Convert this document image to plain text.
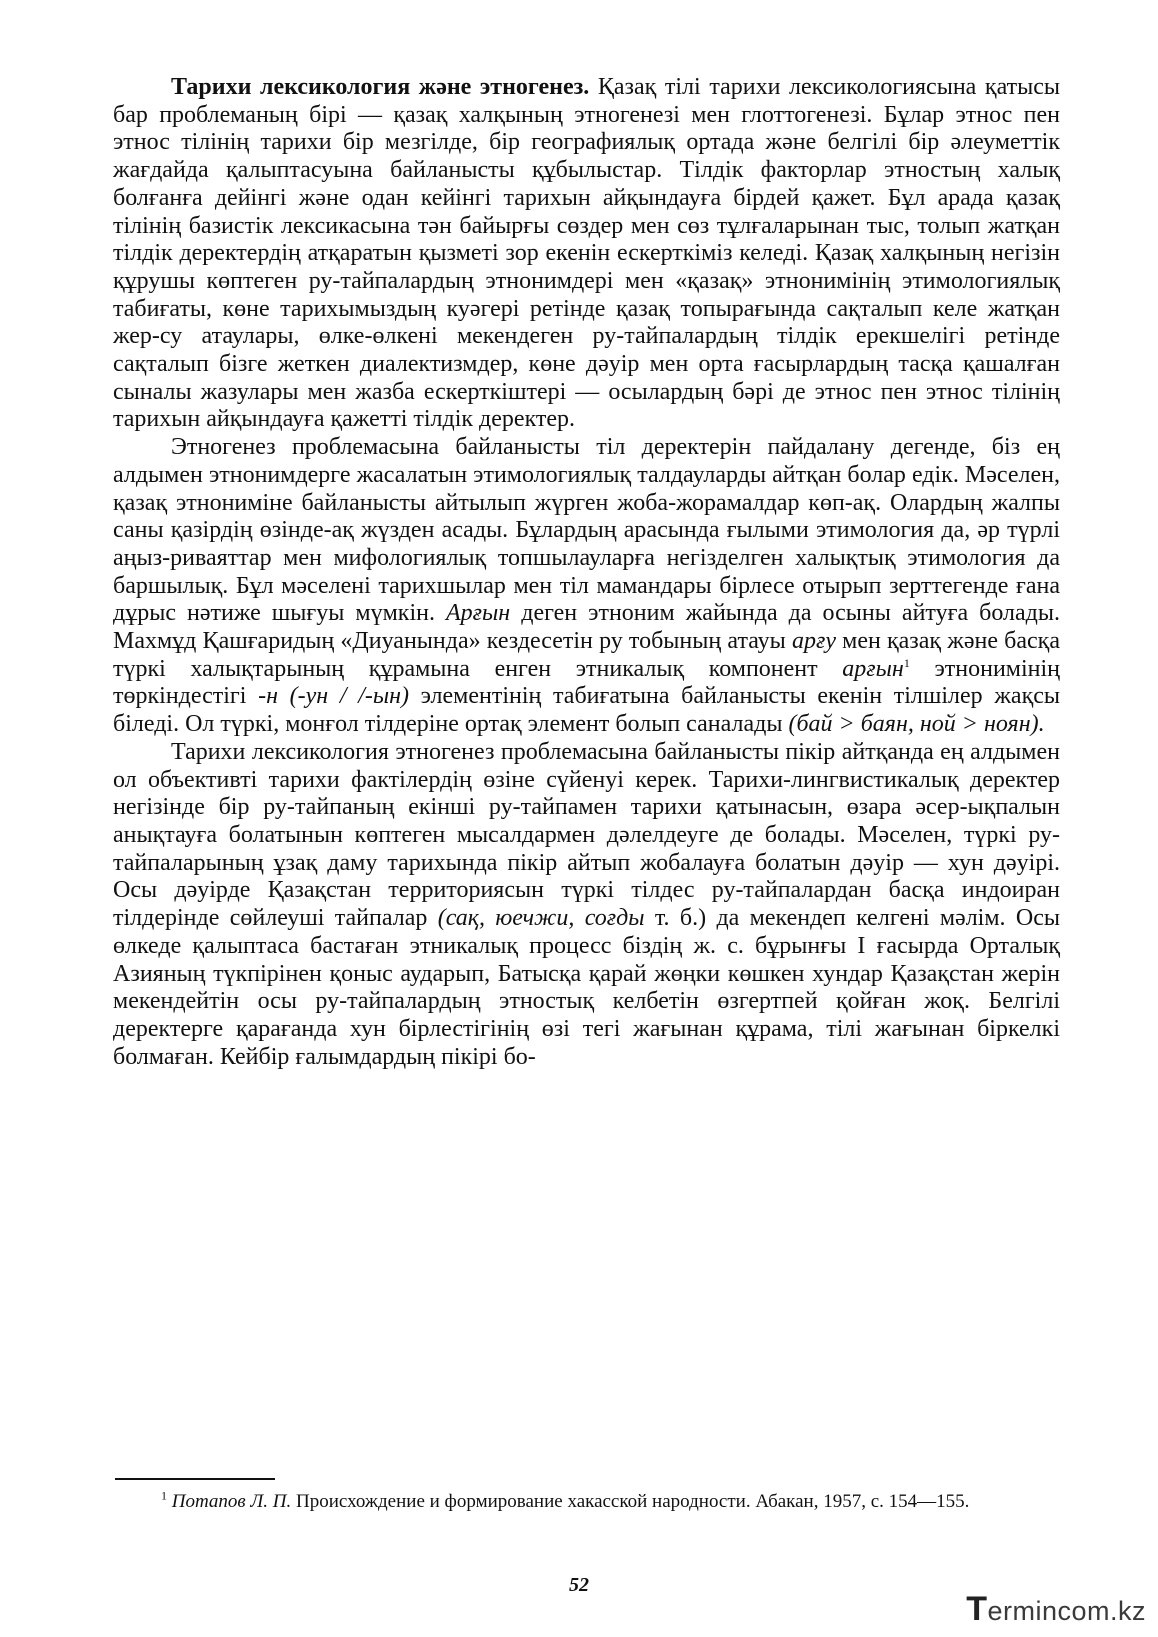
Тарихи лексикология және этногенез. Қазақ тілі тарихи лексикологиясына қатысы бар проблеманың бірі — қазақ халқының этногенезі мен глоттогенезі. Бұлар этнос пен этнос тілінің тарихи бір мезгілде, бір географиялық ортада және белгілі бір әлеуметтік жағдайда қалыптасуына байланысты құбылыстар. Тілдік факторлар этностың халық болғанға дейінгі және одан кейінгі тарихын айқындауға бірдей қажет. Бұл арада қазақ тілінің базистік лексикасына тән байырғы сөздер мен сөз тұлғаларынан тыс, толып жатқан тілдік деректердің атқаратын қызметі зор екенін ескерткіміз келеді. Қазақ халқының негізін құрушы көптеген ру-тайпалардың этнонимдері мен «қазақ» этнонимінің этимологиялық табиғаты, көне тарихымыздың куәгері ретінде қазақ топырағында сақталып келе жатқан жер-су атаулары, өлке-өлкені мекендеген ру-тайпалардың тілдік ерекшелігі ретінде сақталып бізге жеткен диалектизмдер, көне дәуір мен орта ғасырлардың тасқа қашалған сыналы жазулары мен жазба ескерткіштері — осылардың бәрі де этнос пен этнос тілінің тарихын айқындауға қажетті тілдік деректер.

Этногенез проблемасына байланысты тіл деректерін пайдалану дегенде, біз ең алдымен этнонимдерге жасалатын этимологиялық талдауларды айтқан болар едік. Мәселен, қазақ этнониміне байланысты айтылып жүрген жоба-жорамалдар көп-ақ. Олардың жалпы саны қазірдің өзінде-ақ жүзден асады. Бұлардың арасында ғылыми этимология да, әр түрлі аңыз-риваяттар мен мифологиялық топшылауларға негізделген халықтық этимология да баршылық. Бұл мәселені тарихшылар мен тіл мамандары бірлесе отырып зерттегенде ғана дұрыс нәтиже шығуы мүмкін. Арғын деген этноним жайында да осыны айтуға болады. Махмұд Қашғаридың «Диуанында» кездесетін ру тобының атауы арғу мен қазақ және басқа түркі халықтарының құрамына енген этникалық компонент арғын$^1$ этнонимінің төркіндестігі -н (-ун / /-ын) элементінің табиғатына байланысты екенін тілшілер жақсы біледі. Ол түркі, монғол тілдеріне ортақ элемент болып саналады (бай > баян, ной > ноян).

Тарихи лексикология этногенез проблемасына байланысты пікір айтқанда ең алдымен ол объективті тарихи фактілердің өзіне сүйенуі керек. Тарихи-лингвистикалық деректер негізінде бір ру-тайпаның екінші ру-тайпамен тарихи қатынасын, өзара әсер-ықпалын анықтауға болатынын көптеген мысалдармен дәлелдеуге де болады. Мәселен, түркі ру-тайпаларының ұзақ даму тарихында пікір айтып жобалауға болатын дәуір — хун дәуірі. Осы дәуірде Қазақстан территориясын түркі тілдес ру-тайпалардан басқа индоиран тілдерінде сөйлеуші тайпалар (сақ, юечжи, соғды т. б.) да мекендеп келгені мәлім. Осы өлкеде қалыптаса бастаған этникалық процесс біздің ж. с. бұрынғы І ғасырда Орталық Азияның түкпірінен қоныс аударып, Батысқа қарай жөңки көшкен хундар Қазақстан жерін мекендейтін осы ру-тайпалардың этностық келбетін өзгертпей қойған жоқ. Белгілі деректерге қарағанда хун бірлестігінің өзі тегі жағынан құрама, тілі жағынан біркелкі болмаған. Кейбір ғалымдардың пікірі бо-

$^1$ Потапов Л. П. Происхождение и формирование хакасской народности. Абакан, 1957, с. 154—155.

52
Termincom.kz
